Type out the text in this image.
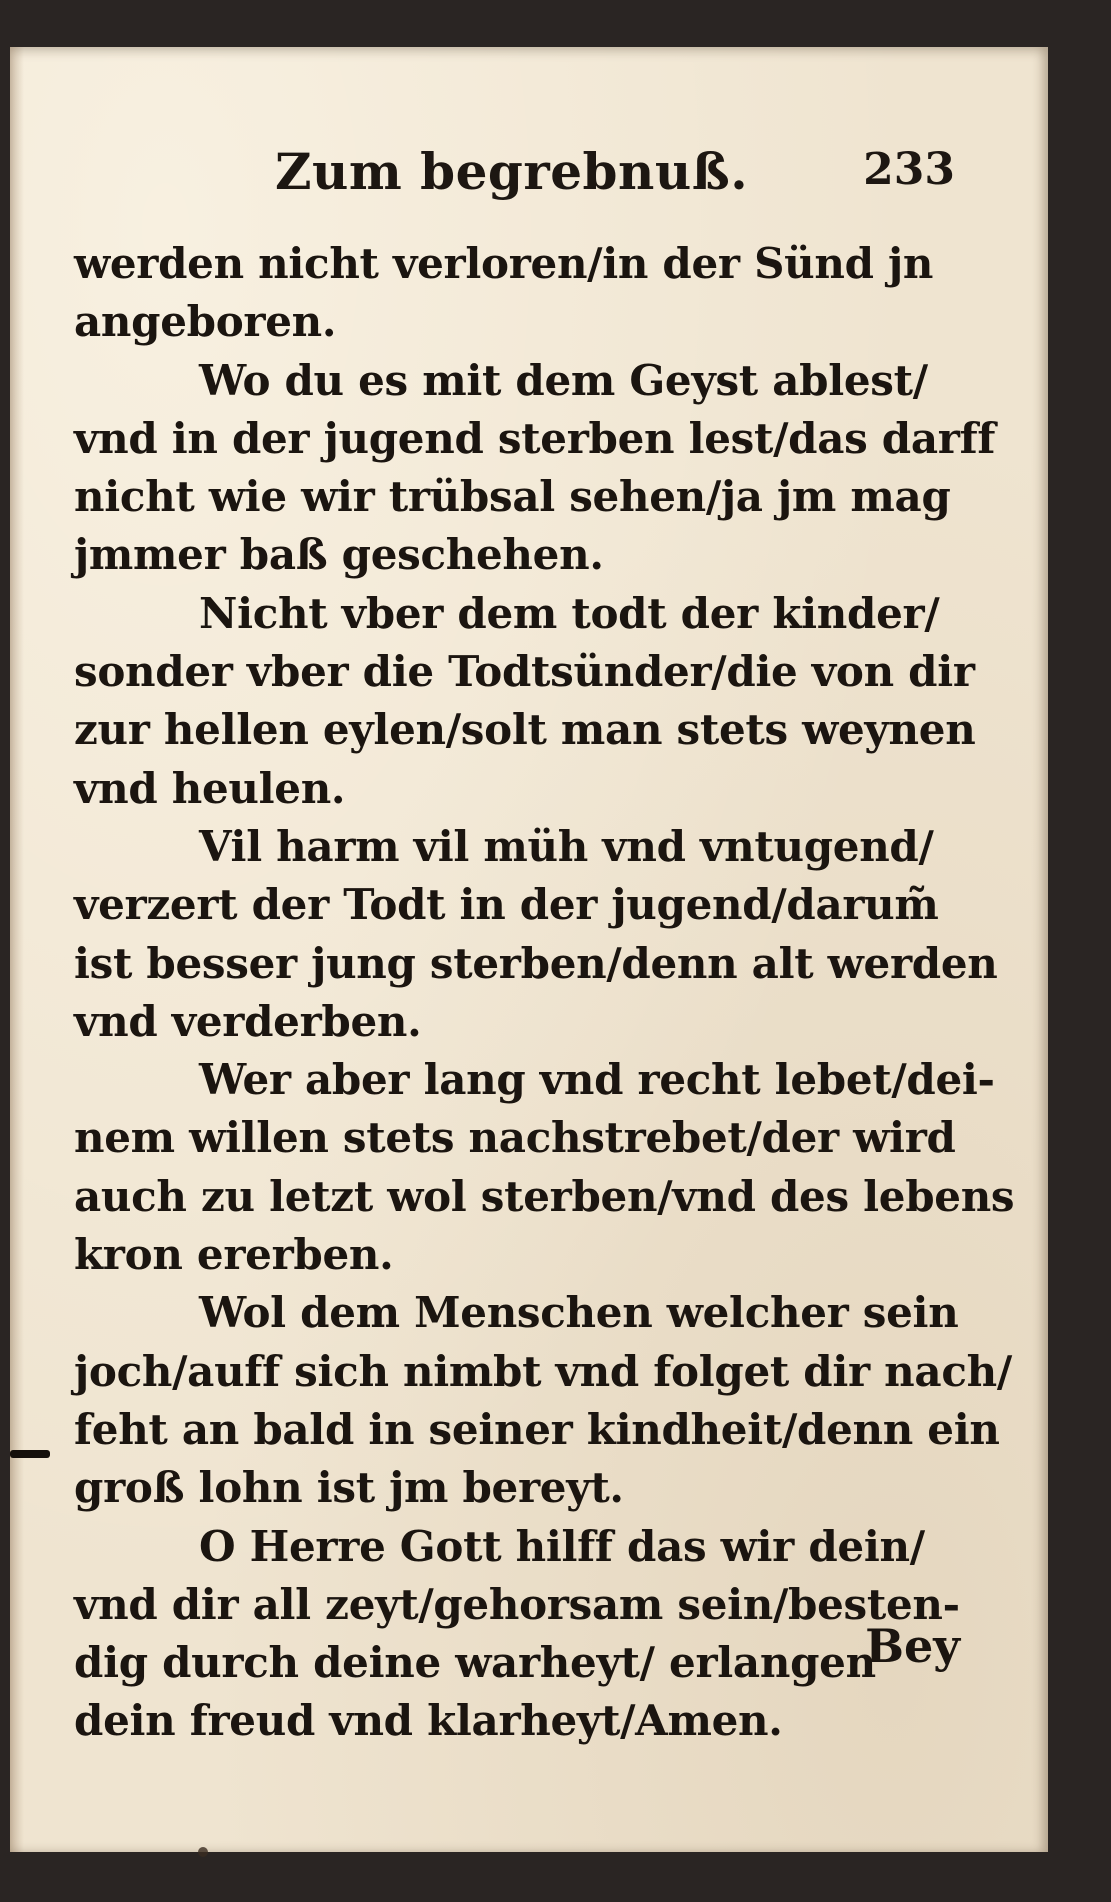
Zum begrebnuß.	233
werden nicht verloren/in der Sünd jn
angeboren.
Wo du es mit dem Geyst ablest/
vnd in der jugend sterben lest/das darff
nicht wie wir trübsal sehen/ja jm mag
jmmer baß geschehen.
Nicht vber dem todt der kinder/
sonder vber die Todtsünder/die von dir
zur hellen eylen/solt man stets weynen
vnd heulen.
Vil harm vil müh vnd vntugend/
verzert der Todt in der jugend/darum̃
ist besser jung sterben/denn alt werden
vnd verderben.
Wer aber lang vnd recht lebet/dei-
nem willen stets nachstrebet/der wird
auch zu letzt wol sterben/vnd des lebens
kron ererben.
Wol dem Menschen welcher sein
joch/auff sich nimbt vnd folget dir nach/
feht an bald in seiner kindheit/denn ein
groß lohn ist jm bereyt.
O Herre Gott hilff das wir dein/
vnd dir all zeyt/gehorsam sein/besten-
dig durch deine warheyt/ erlangen
dein freud vnd klarheyt/Amen.
Bey
